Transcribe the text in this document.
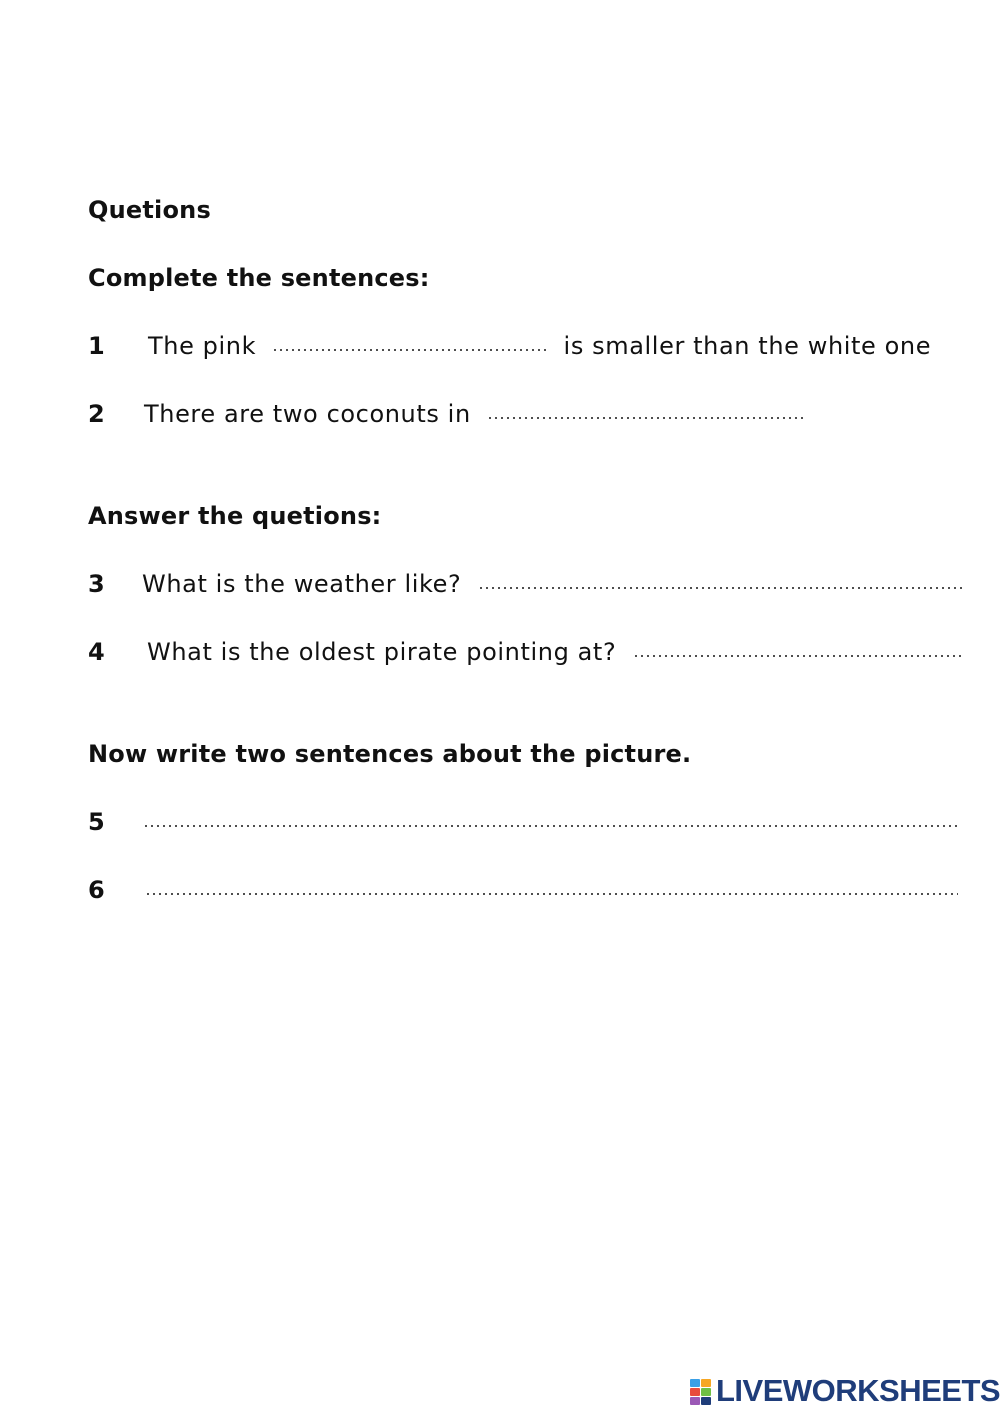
Quetions
Complete the sentences:
1 The pink	is smaller than the white one
2 There are two coconuts in
Answer the quetions:
3 What is the weather like?
4 What is the oldest pirate pointing at?
Now write two sentences about the picture.
5
6
LIVEWORKSHEETS
